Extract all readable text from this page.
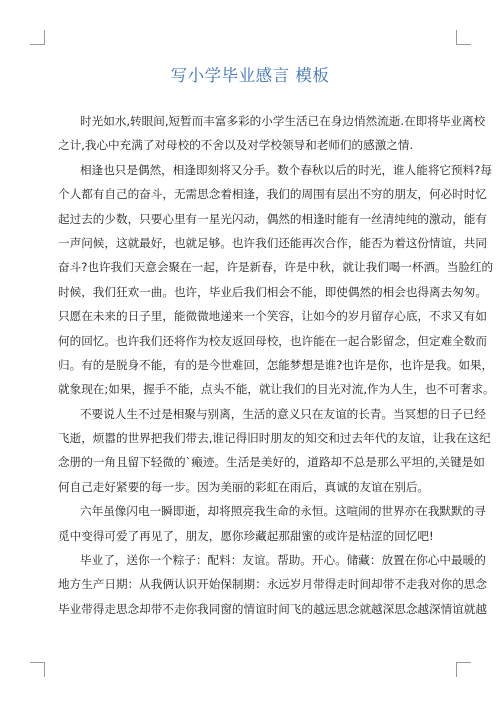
写小学毕业感言 模板
时光如水,转眼间,短暂而丰富多彩的小学生活已在身边悄然流逝.在即将毕业离校
之计,我心中充满了对母校的不舍以及对学校领导和老师们的感激之情.
相逢也只是偶然，相逢即刻将又分手。数个春秋以后的时光，谁人能将它预料?每
个人都有自己的奋斗，无需思念着相逢，我们的周围有层出不穷的朋友，何必时时忆
起过去的少数，只要心里有一星光闪动，偶然的相逢时能有一丝清纯纯的激动，能有
一声问候，这就最好，也就足够。也许我们还能再次合作，能否为着这份情谊，共同
奋斗?也许我们天意会聚在一起，许是新春，许是中秋，就让我们喝一杯酒。当脸红的
时候，我们狂欢一曲。也许，毕业后我们相会不能，即使偶然的相会也得离去匆匆。
只愿在未来的日子里，能微微地递来一个笑容，让如今的岁月留存心底，不求又有如
何的回忆。也许我们还将作为校友返回母校，也许能在一起合影留念，但定难全数而
归。有的是脱身不能，有的是今世难回，怎能梦想是谁?也许是你，也许是我。如果，
就象现在;如果，握手不能，点头不能，就让我们的目光对流,作为人生，也不可奢求。
不要说人生不过是相聚与别离，生活的意义只在友谊的长青。当冥想的日子已经
飞逝，烦嚣的世界把我们带去,谁记得旧时朋友的知交和过去年代的友谊，让我在这纪
念册的一角且留下轻微的`瘢迹。生活是美好的，道路却不总是那么平坦的,关键是如
何自己走好紧要的每一步。因为美丽的彩虹在雨后，真诚的友谊在别后。
六年虽像闪电一瞬即逝，却将照亮我生命的永恒。这喧闹的世界亦在我默默的寻
觅中变得可爱了再见了，朋友，愿你珍藏起那甜蜜的或许是枯涩的回忆吧!
毕业了，送你一个粽子：配料：友谊。帮助。开心。储藏：放置在你心中最暖的
地方生产日期：从我俩认识开始保制期：永远岁月带得走时间却带不走我对你的思念
毕业带得走思念却带不走你我同窗的情谊时间飞的越远思念就越深思念越深情谊就越
